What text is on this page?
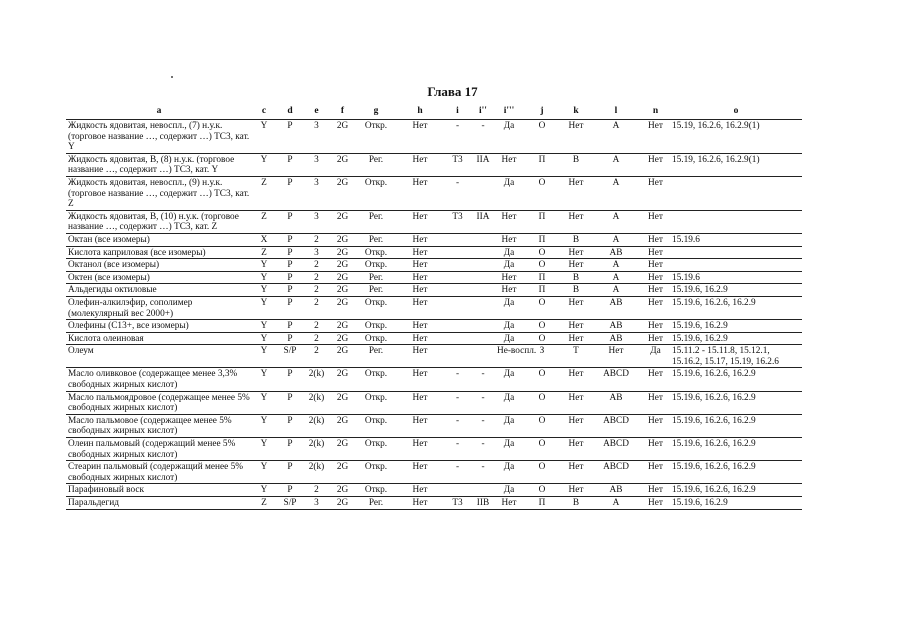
Глава 17
a	c	d	e	f	g	h	i	i''	i'''	j	k	l	n	o
Жидкость ядовитая, невоспл., (7) н.у.к. (торговое название …, содержит …) ТС3, кат. Y	Y	P	3	2G	Откр.	Нет	-	-	Да	О	Нет	А	Нет	15.19, 16.2.6, 16.2.9(1)
Жидкость ядовитая, В, (8) н.у.к. (торговое название …, содержит …) ТС3, кат. Y	Y	P	3	2G	Рег.	Нет	Т3	IIА	Нет	П	В	А	Нет	15.19, 16.2.6, 16.2.9(1)
Жидкость ядовитая, невоспл., (9) н.у.к. (торговое название …, содержит …) ТС3, кат. Z	Z	P	3	2G	Откр.	Нет	-		Да	О	Нет	А	Нет	
Жидкость ядовитая, В, (10) н.у.к. (торговое название …, содержит …) ТС3, кат. Z	Z	P	3	2G	Рег.	Нет	Т3	IIА	Нет	П	Нет	А	Нет	
Октан (все изомеры)	X	P	2	2G	Рег.	Нет			Нет	П	В	А	Нет	15.19.6
Кислота каприловая (все изомеры)	Z	P	3	2G	Откр.	Нет			Да	О	Нет	АВ	Нет	
Октанол (все изомеры)	Y	P	2	2G	Откр.	Нет			Да	О	Нет	А	Нет	
Октен (все изомеры)	Y	P	2	2G	Рег.	Нет			Нет	П	В	А	Нет	15.19.6
Альдегиды октиловые	Y	P	2	2G	Рег.	Нет			Нет	П	В	А	Нет	15.19.6, 16.2.9
Олефин-алкилэфир, сополимер (молекулярный вес 2000+)	Y	P	2	2G	Откр.	Нет			Да	О	Нет	АВ	Нет	15.19.6, 16.2.6, 16.2.9
Олефины (С13+, все изомеры)	Y	P	2	2G	Откр.	Нет			Да	О	Нет	АВ	Нет	15.19.6, 16.2.9
Кислота олеиновая	Y	P	2	2G	Откр.	Нет			Да	О	Нет	АВ	Нет	15.19.6, 16.2.9
Олеум	Y	S/P	2	2G	Рег.	Нет			Не-воспл.	З	Т	Нет	Да	15.11.2 - 15.11.8, 15.12.1, 15.16.2, 15.17, 15.19, 16.2.6
Масло оливковое (содержащее менее 3,3% свободных жирных кислот)	Y	P	2(k)	2G	Откр.	Нет	-	-	Да	О	Нет	ABCD	Нет	15.19.6, 16.2.6, 16.2.9
Масло пальмоядровое (содержащее менее 5% свободных жирных кислот)	Y	P	2(k)	2G	Откр.	Нет	-	-	Да	О	Нет	АВ	Нет	15.19.6, 16.2.6, 16.2.9
Масло пальмовое (содержащее менее 5% свободных жирных кислот)	Y	P	2(k)	2G	Откр.	Нет	-	-	Да	О	Нет	ABCD	Нет	15.19.6, 16.2.6, 16.2.9
Олеин пальмовый (содержащий менее 5% свободных жирных кислот)	Y	P	2(k)	2G	Откр.	Нет	-	-	Да	О	Нет	ABCD	Нет	15.19.6, 16.2.6, 16.2.9
Стеарин пальмовый (содержащий менее 5% свободных жирных кислот)	Y	P	2(k)	2G	Откр.	Нет	-	-	Да	О	Нет	ABCD	Нет	15.19.6, 16.2.6, 16.2.9
Парафиновый воск	Y	P	2	2G	Откр.	Нет			Да	О	Нет	АВ	Нет	15.19.6, 16.2.6, 16.2.9
Паральдегид	Z	S/P	3	2G	Рег.	Нет	Т3	IIВ	Нет	П	В	А	Нет	15.19.6, 16.2.9
